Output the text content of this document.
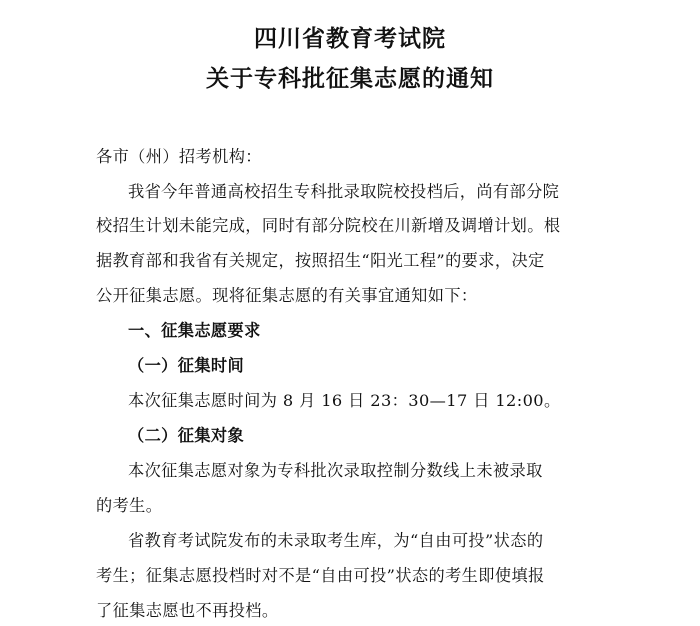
四川省教育考试院
关于专科批征集志愿的通知
各市（州）招考机构：
我省今年普通高校招生专科批录取院校投档后，尚有部分院
校招生计划未能完成，同时有部分院校在川新增及调增计划。根
据教育部和我省有关规定，按照招生“阳光工程”的要求，决定
公开征集志愿。现将征集志愿的有关事宜通知如下：
一、征集志愿要求
（一）征集时间
本次征集志愿时间为 8 月 16 日 23：30—17 日 12:00。
（二）征集对象
本次征集志愿对象为专科批次录取控制分数线上未被录取
的考生。
省教育考试院发布的未录取考生库，为“自由可投”状态的
考生；征集志愿投档时对不是“自由可投”状态的考生即使填报
了征集志愿也不再投档。
